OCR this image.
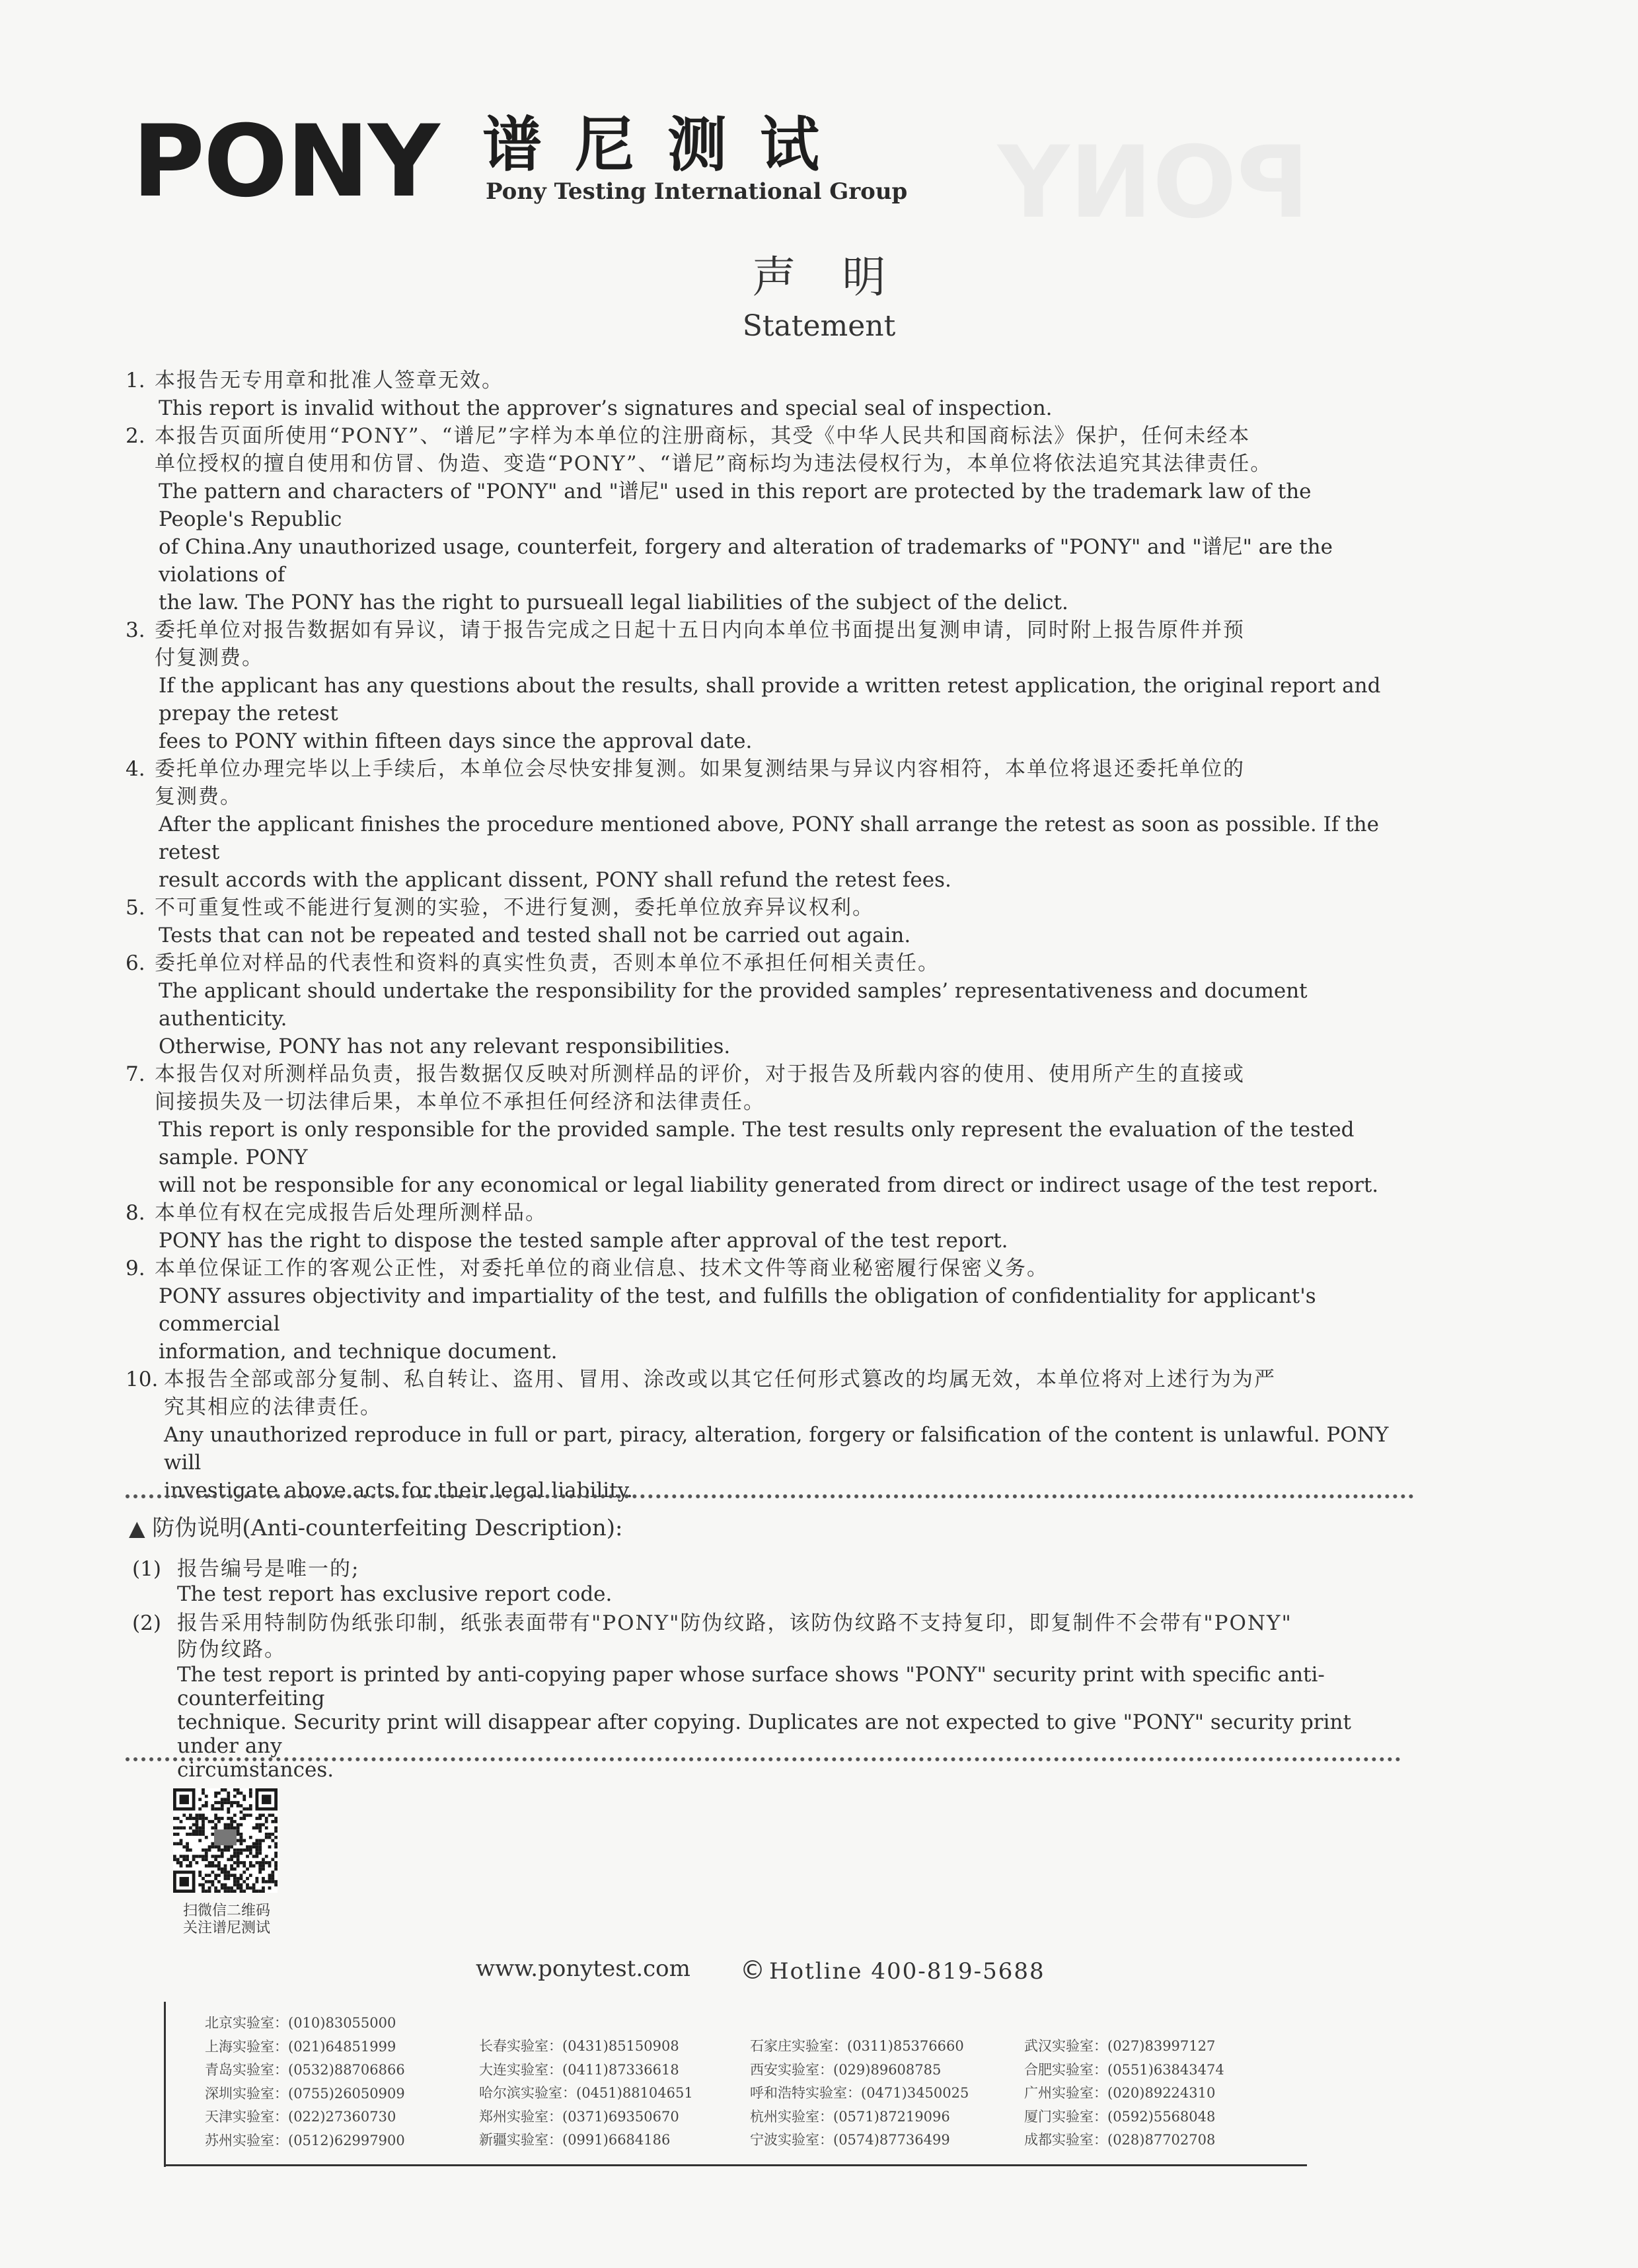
PONY
PONY 谱尼测试
Pony Testing International Group
声明
Statement
1. 本报告无专用章和批准人签章无效。
This report is invalid without the approver’s signatures and special seal of inspection.
2. 本报告页面所使用“PONY”、“谱尼”字样为本单位的注册商标，其受《中华人民共和国商标法》保护，任何未经本
单位授权的擅自使用和仿冒、伪造、变造“PONY”、“谱尼”商标均为违法侵权行为，本单位将依法追究其法律责任。
The pattern and characters of "PONY" and "谱尼" used in this report are protected by the trademark law of the People's Republic
of China.Any unauthorized usage, counterfeit, forgery and alteration of trademarks of "PONY" and "谱尼" are the violations of
the law. The PONY has the right to pursueall legal liabilities of the subject of the delict.
3. 委托单位对报告数据如有异议，请于报告完成之日起十五日内向本单位书面提出复测申请，同时附上报告原件并预
付复测费。
If the applicant has any questions about the results, shall provide a written retest application, the original report and prepay the retest
fees to PONY within fifteen days since the approval date.
4. 委托单位办理完毕以上手续后，本单位会尽快安排复测。如果复测结果与异议内容相符，本单位将退还委托单位的
复测费。
After the applicant finishes the procedure mentioned above, PONY shall arrange the retest as soon as possible. If the retest
result accords with the applicant dissent, PONY shall refund the retest fees.
5. 不可重复性或不能进行复测的实验，不进行复测，委托单位放弃异议权利。
Tests that can not be repeated and tested shall not be carried out again.
6. 委托单位对样品的代表性和资料的真实性负责，否则本单位不承担任何相关责任。
The applicant should undertake the responsibility for the provided samples’ representativeness and document authenticity.
Otherwise, PONY has not any relevant responsibilities.
7. 本报告仅对所测样品负责，报告数据仅反映对所测样品的评价，对于报告及所载内容的使用、使用所产生的直接或
间接损失及一切法律后果，本单位不承担任何经济和法律责任。
This report is only responsible for the provided sample. The test results only represent the evaluation of the tested sample. PONY
will not be responsible for any economical or legal liability generated from direct or indirect usage of the test report.
8. 本单位有权在完成报告后处理所测样品。
PONY has the right to dispose the tested sample after approval of the test report.
9. 本单位保证工作的客观公正性，对委托单位的商业信息、技术文件等商业秘密履行保密义务。
PONY assures objectivity and impartiality of the test, and fulfills the obligation of confidentiality for applicant's commercial
information, and technique document.
10. 本报告全部或部分复制、私自转让、盗用、冒用、涂改或以其它任何形式篡改的均属无效，本单位将对上述行为为严
究其相应的法律责任。
Any unauthorized reproduce in full or part, piracy, alteration, forgery or falsification of the content is unlawful. PONY will
investigate above acts for their legal liability.
▲ 防伪说明(Anti-counterfeiting Description):
(1) 报告编号是唯一的;
The test report has exclusive report code.
(2) 报告采用特制防伪纸张印制，纸张表面带有"PONY"防伪纹路，该防伪纹路不支持复印，即复制件不会带有"PONY"
防伪纹路。
The test report is printed by anti-copying paper whose surface shows "PONY" security print with specific anti-counterfeiting
technique. Security print will disappear after copying. Duplicates are not expected to give "PONY" security print under any
circumstances.
扫微信二维码
关注谱尼测试
www.ponytest.com © Hotline 400-819-5688
北京实验室：(010)83055000
上海实验室：(021)64851999
青岛实验室：(0532)88706866
深圳实验室：(0755)26050909
天津实验室：(022)27360730
苏州实验室：(0512)62997900
长春实验室：(0431)85150908
大连实验室：(0411)87336618
哈尔滨实验室：(0451)88104651
郑州实验室：(0371)69350670
新疆实验室：(0991)6684186
石家庄实验室：(0311)85376660
西安实验室：(029)89608785
呼和浩特实验室：(0471)3450025
杭州实验室：(0571)87219096
宁波实验室：(0574)87736499
武汉实验室：(027)83997127
合肥实验室：(0551)63843474
广州实验室：(020)89224310
厦门实验室：(0592)5568048
成都实验室：(028)87702708
